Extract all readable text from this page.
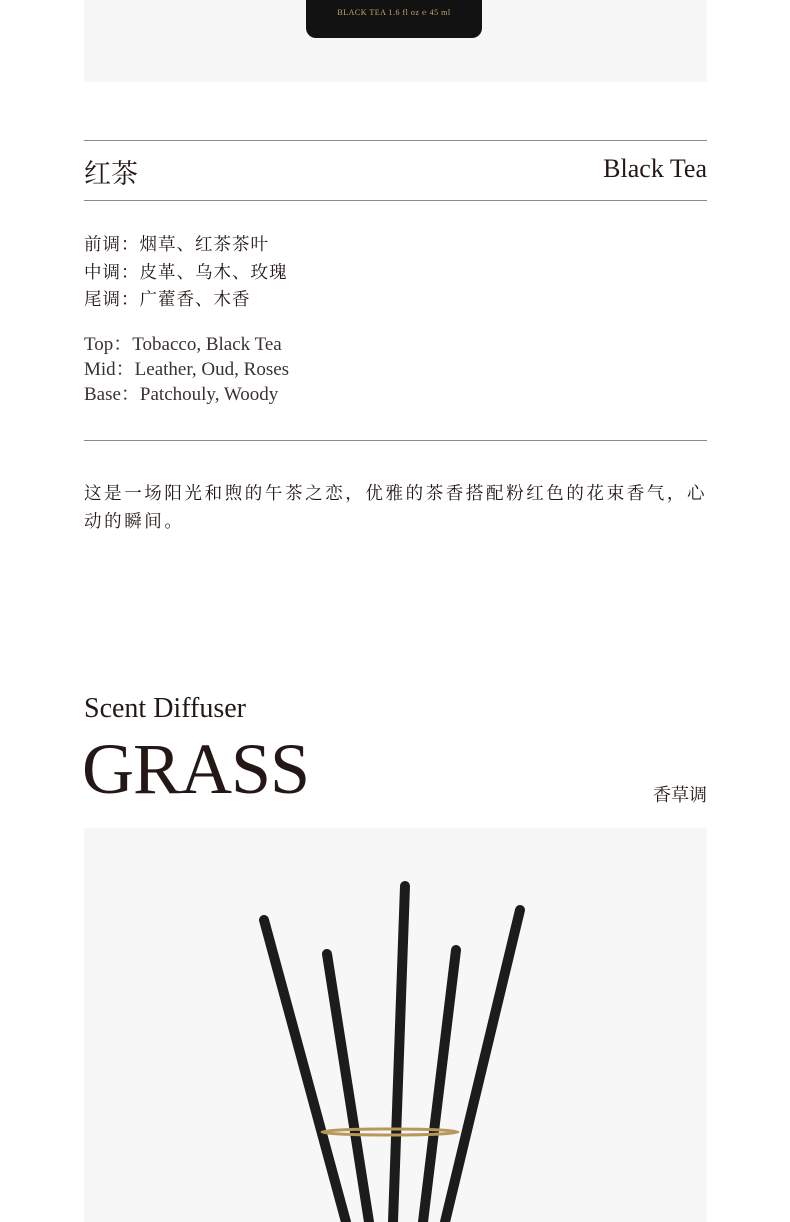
BLACK TEA 1.6 fl oz ℮ 45 ml
红茶	Black Tea
前调：烟草、红茶茶叶
中调：皮革、乌木、玫瑰
尾调：广藿香、木香
Top：Tobacco, Black Tea
Mid：Leather, Oud, Roses
Base：Patchouly, Woody
这是一场阳光和煦的午茶之恋，优雅的茶香搭配粉红色的花束香气，心动的瞬间。
Scent Diffuser
GRASS	香草调
